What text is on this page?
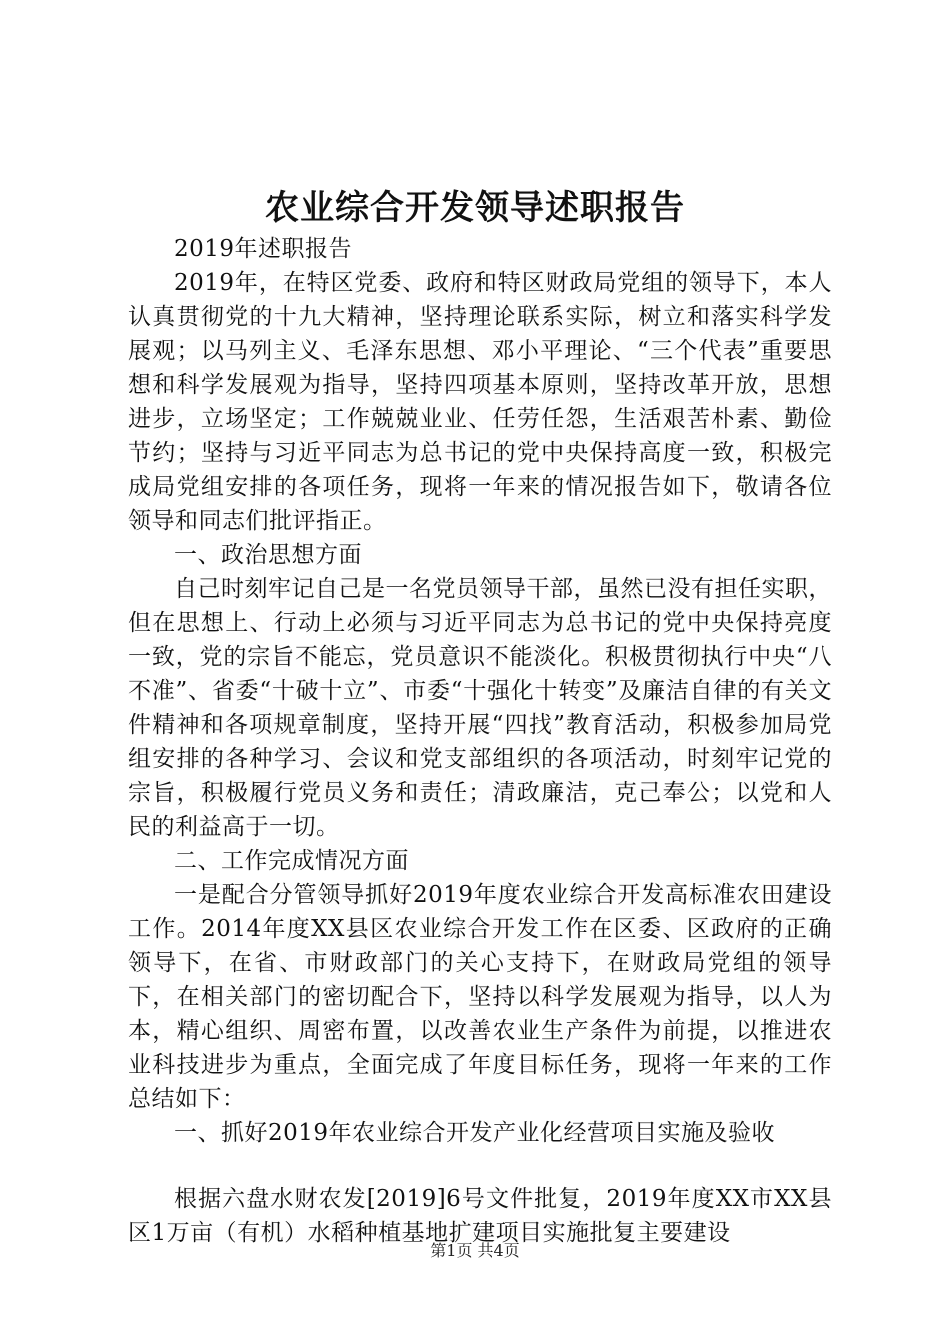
农业综合开发领导述职报告

2019年述职报告

2019年，在特区党委、政府和特区财政局党组的领导下，本人认真贯彻党的十九大精神，坚持理论联系实际，树立和落实科学发展观；以马列主义、毛泽东思想、邓小平理论、“三个代表”重要思想和科学发展观为指导，坚持四项基本原则，坚持改革开放，思想进步，立场坚定；工作兢兢业业、任劳任怨，生活艰苦朴素、勤俭节约；坚持与习近平同志为总书记的党中央保持高度一致，积极完成局党组安排的各项任务，现将一年来的情况报告如下，敬请各位领导和同志们批评指正。

一、政治思想方面

自己时刻牢记自己是一名党员领导干部，虽然已没有担任实职，但在思想上、行动上必须与习近平同志为总书记的党中央保持亮度一致，党的宗旨不能忘，党员意识不能淡化。积极贯彻执行中央“八不准”、省委“十破十立”、市委“十强化十转变”及廉洁自律的有关文件精神和各项规章制度，坚持开展“四找”教育活动，积极参加局党组安排的各种学习、会议和党支部组织的各项活动，时刻牢记党的宗旨，积极履行党员义务和责任；清政廉洁，克己奉公；以党和人民的利益高于一切。

二、工作完成情况方面

一是配合分管领导抓好2019年度农业综合开发高标准农田建设工作。2014年度XX县区农业综合开发工作在区委、区政府的正确领导下，在省、市财政部门的关心支持下，在财政局党组的领导下，在相关部门的密切配合下，坚持以科学发展观为指导，以人为本，精心组织、周密布置，以改善农业生产条件为前提，以推进农业科技进步为重点，全面完成了年度目标任务，现将一年来的工作总结如下：

一、抓好2019年农业综合开发产业化经营项目实施及验收

根据六盘水财农发[2019]6号文件批复，2019年度XX市XX县区1万亩（有机）水稻种植基地扩建项目实施批复主要建设

第1页 共4页
